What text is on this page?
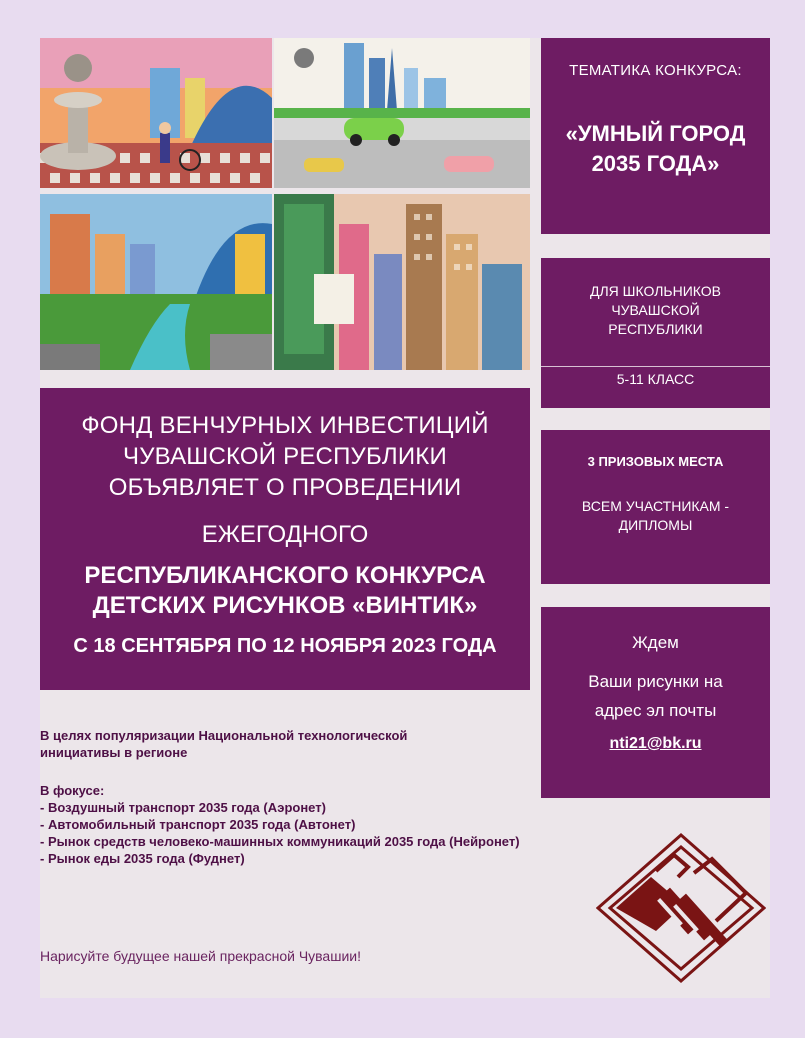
ФОНД ВЕНЧУРНЫХ ИНВЕСТИЦИЙ
ЧУВАШСКОЙ РЕСПУБЛИКИ
ОБЪЯВЛЯЕТ О ПРОВЕДЕНИИ
ЕЖЕГОДНОГО
РЕСПУБЛИКАНСКОГО КОНКУРСА
ДЕТСКИХ РИСУНКОВ «ВИНТИК»
С 18 СЕНТЯБРЯ ПО 12 НОЯБРЯ 2023 ГОДА
ТЕМАТИКА КОНКУРСА:
«УМНЫЙ ГОРОД
2035 ГОДА»
ДЛЯ ШКОЛЬНИКОВ
ЧУВАШСКОЙ
РЕСПУБЛИКИ
5-11 КЛАСС
3 ПРИЗОВЫХ МЕСТА
ВСЕМ УЧАСТНИКАМ -
ДИПЛОМЫ
Ждем
Ваши рисунки на
адрес эл почты
nti21@bk.ru
В целях популяризации Национальной технологической
инициативы в регионе
В фокусе:
- Воздушный транспорт 2035 года (Аэронет)
- Автомобильный транспорт 2035 года (Автонет)
- Рынок средств человеко-машинных коммуникаций 2035 года (Нейронет)
- Рынок еды 2035 года (Фуднет)
Нарисуйте будущее нашей прекрасной Чувашии!
